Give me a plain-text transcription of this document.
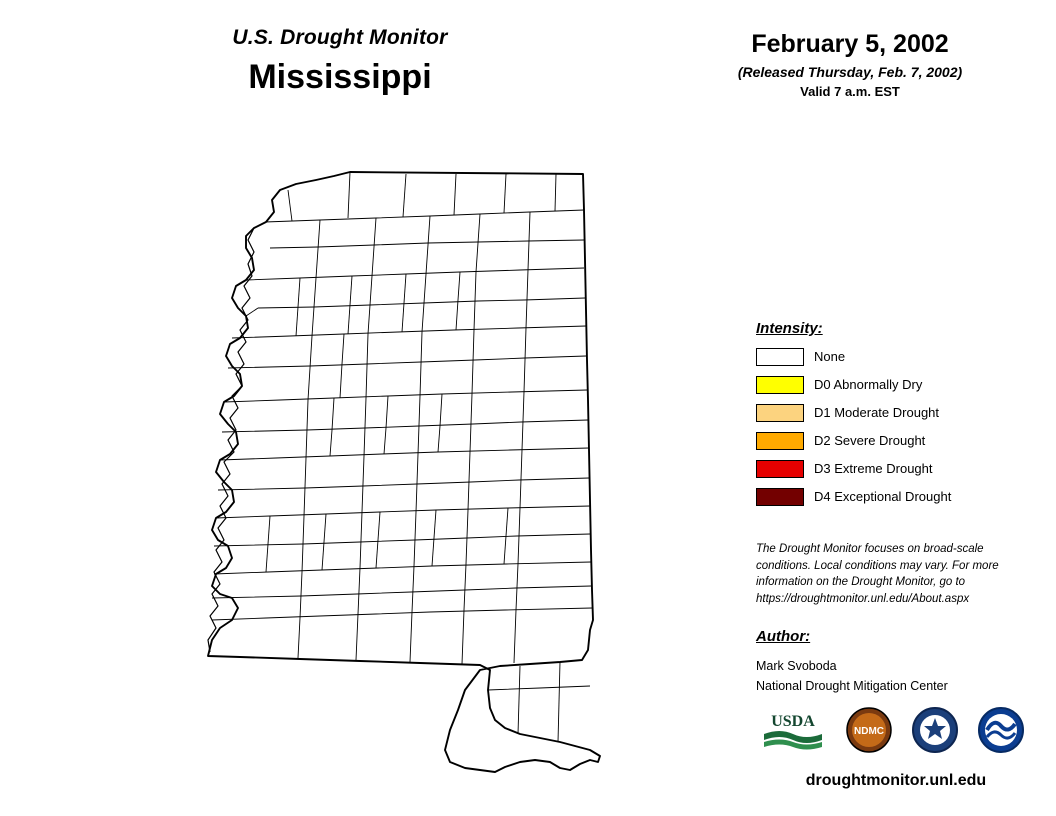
U.S. Drought Monitor
Mississippi
February 5, 2002
(Released Thursday, Feb. 7, 2002)
Valid 7 a.m. EST
Intensity:
None
D0 Abnormally Dry
D1 Moderate Drought
D2 Severe Drought
D3 Extreme Drought
D4 Exceptional Drought
The Drought Monitor focuses on broad-scale conditions. Local conditions may vary. For more information on the Drought Monitor, go to https://droughtmonitor.unl.edu/About.aspx
Author:
Mark Svoboda
National Drought Mitigation Center
USDA
NDMC
droughtmonitor.unl.edu
